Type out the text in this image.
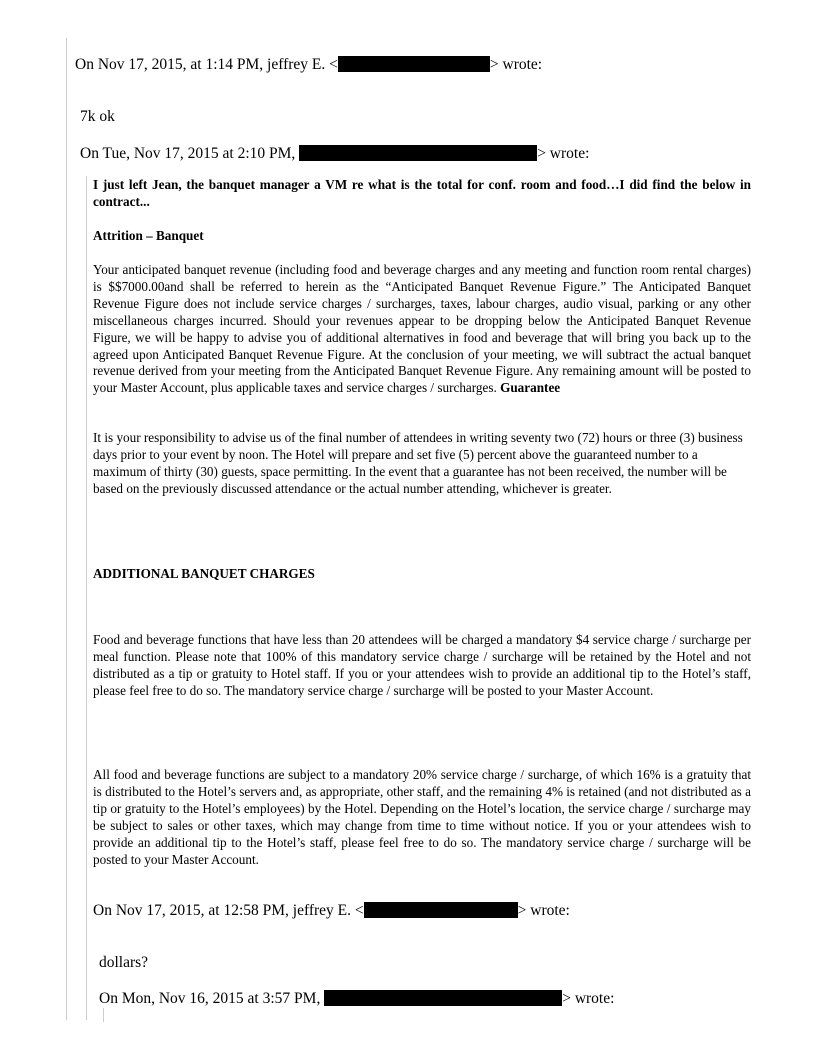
On Nov 17, 2015, at 1:14 PM, jeffrey E. <	> wrote:
7k ok
On Tue, Nov 17, 2015 at 2:10 PM,	> wrote:

I just left Jean, the banquet manager a VM re what is the total for conf. room and food…I did find the below in contract...

Attrition – Banquet

Your anticipated banquet revenue (including food and beverage charges and any meeting and function room rental charges) is $$7000.00and shall be referred to herein as the “Anticipated Banquet Revenue Figure.” The Anticipated Banquet Revenue Figure does not include service charges / surcharges, taxes, labour charges, audio visual, parking or any other miscellaneous charges incurred. Should your revenues appear to be dropping below the Anticipated Banquet Revenue Figure, we will be happy to advise you of additional alternatives in food and beverage that will bring you back up to the agreed upon Anticipated Banquet Revenue Figure. At the conclusion of your meeting, we will subtract the actual banquet revenue derived from your meeting from the Anticipated Banquet Revenue Figure. Any remaining amount will be posted to your Master Account, plus applicable taxes and service charges / surcharges. Guarantee

It is your responsibility to advise us of the final number of attendees in writing seventy two (72) hours or three (3) business days prior to your event by noon. The Hotel will prepare and set five (5) percent above the guaranteed number to a maximum of thirty (30) guests, space permitting. In the event that a guarantee has not been received, the number will be based on the previously discussed attendance or the actual number attending, whichever is greater.

ADDITIONAL BANQUET CHARGES

Food and beverage functions that have less than 20 attendees will be charged a mandatory $4 service charge / surcharge per meal function. Please note that 100% of this mandatory service charge / surcharge will be retained by the Hotel and not distributed as a tip or gratuity to Hotel staff. If you or your attendees wish to provide an additional tip to the Hotel’s staff, please feel free to do so. The mandatory service charge / surcharge will be posted to your Master Account.

All food and beverage functions are subject to a mandatory 20% service charge / surcharge, of which 16% is a gratuity that is distributed to the Hotel’s servers and, as appropriate, other staff, and the remaining 4% is retained (and not distributed as a tip or gratuity to the Hotel’s employees) by the Hotel. Depending on the Hotel’s location, the service charge / surcharge may be subject to sales or other taxes, which may change from time to time without notice. If you or your attendees wish to provide an additional tip to the Hotel’s staff, please feel free to do so. The mandatory service charge / surcharge will be posted to your Master Account.

On Nov 17, 2015, at 12:58 PM, jeffrey E. <	> wrote:
dollars?
On Mon, Nov 16, 2015 at 3:57 PM,	> wrote:
